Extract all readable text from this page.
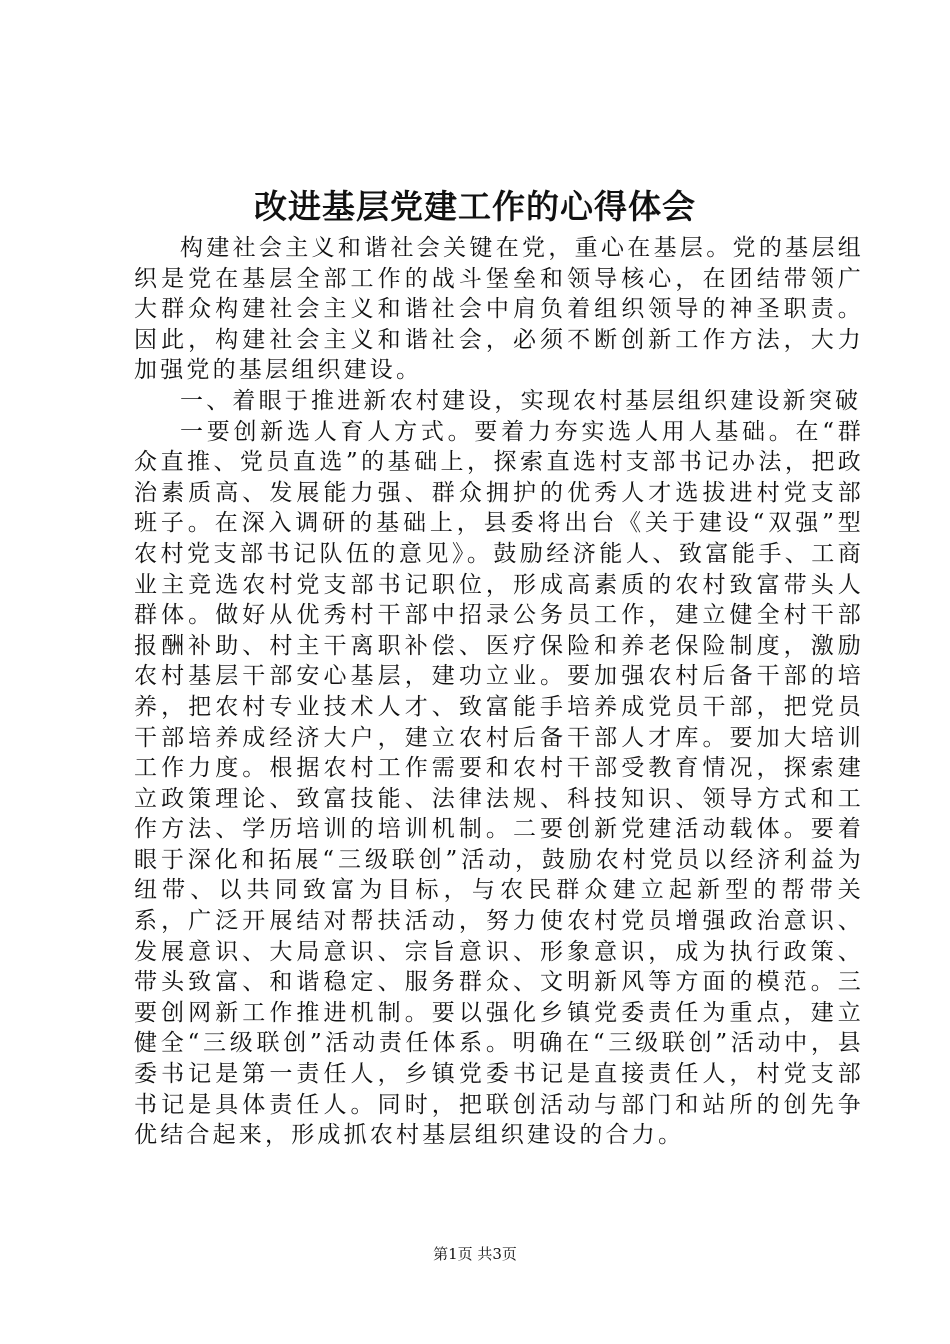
改进基层党建工作的心得体会

构建社会主义和谐社会关键在党，重心在基层。党的基层组织是党在基层全部工作的战斗堡垒和领导核心，在团结带领广大群众构建社会主义和谐社会中肩负着组织领导的神圣职责。因此，构建社会主义和谐社会，必须不断创新工作方法，大力加强党的基层组织建设。

一、着眼于推进新农村建设，实现农村基层组织建设新突破

一要创新选人育人方式。要着力夯实选人用人基础。在“群众直推、党员直选”的基础上，探索直选村支部书记办法，把政治素质高、发展能力强、群众拥护的优秀人才选拔进村党支部班子。在深入调研的基础上，县委将出台《关于建设“双强”型农村党支部书记队伍的意见》。鼓励经济能人、致富能手、工商业主竞选农村党支部书记职位，形成高素质的农村致富带头人群体。做好从优秀村干部中招录公务员工作，建立健全村干部报酬补助、村主干离职补偿、医疗保险和养老保险制度，激励农村基层干部安心基层，建功立业。要加强农村后备干部的培养，把农村专业技术人才、致富能手培养成党员干部，把党员干部培养成经济大户，建立农村后备干部人才库。要加大培训工作力度。根据农村工作需要和农村干部受教育情况，探索建立政策理论、致富技能、法律法规、科技知识、领导方式和工作方法、学历培训的培训机制。二要创新党建活动载体。要着眼于深化和拓展“三级联创”活动，鼓励农村党员以经济利益为纽带、以共同致富为目标，与农民群众建立起新型的帮带关系，广泛开展结对帮扶活动，努力使农村党员增强政治意识、发展意识、大局意识、宗旨意识、形象意识，成为执行政策、带头致富、和谐稳定、服务群众、文明新风等方面的模范。三要创网新工作推进机制。要以强化乡镇党委责任为重点，建立健全“三级联创”活动责任体系。明确在“三级联创”活动中，县委书记是第一责任人，乡镇党委书记是直接责任人，村党支部书记是具体责任人。同时，把联创活动与部门和站所的创先争优结合起来，形成抓农村基层组织建设的合力。

第1页 共3页
